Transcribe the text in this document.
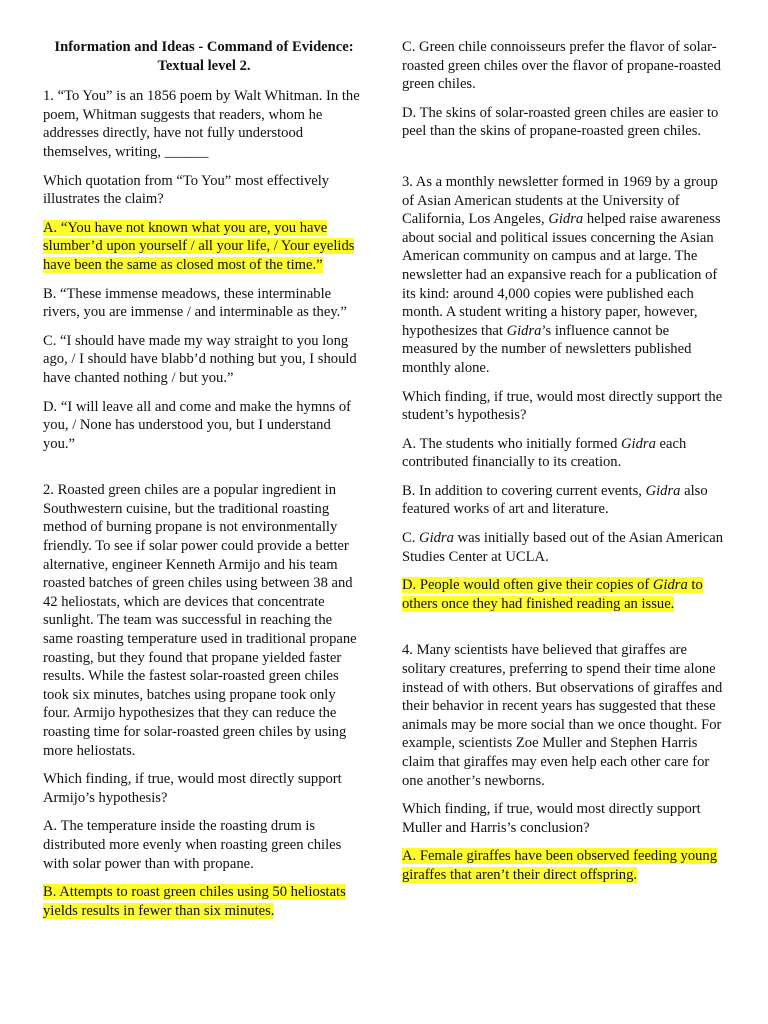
Information and Ideas - Command of Evidence: Textual level 2.

1. “To You” is an 1856 poem by Walt Whitman. In the poem, Whitman suggests that readers, whom he addresses directly, have not fully understood themselves, writing, ______

Which quotation from “To You” most effectively illustrates the claim?

A. “You have not known what you are, you have slumber’d upon yourself / all your life, / Your eyelids have been the same as closed most of the time.”

B. “These immense meadows, these interminable rivers, you are immense / and interminable as they.”

C. “I should have made my way straight to you long ago, / I should have blabb’d nothing but you, I should have chanted nothing / but you.”

D. “I will leave all and come and make the hymns of you, / None has understood you, but I understand you.”

2. Roasted green chiles are a popular ingredient in Southwestern cuisine, but the traditional roasting method of burning propane is not environmentally friendly. To see if solar power could provide a better alternative, engineer Kenneth Armijo and his team roasted batches of green chiles using between 38 and 42 heliostats, which are devices that concentrate sunlight. The team was successful in reaching the same roasting temperature used in traditional propane roasting, but they found that propane yielded faster results. While the fastest solar-roasted green chiles took six minutes, batches using propane took only four. Armijo hypothesizes that they can reduce the roasting time for solar-roasted green chiles by using more heliostats.

Which finding, if true, would most directly support Armijo’s hypothesis?

A. The temperature inside the roasting drum is distributed more evenly when roasting green chiles with solar power than with propane.

B. Attempts to roast green chiles using 50 heliostats yields results in fewer than six minutes.

C. Green chile connoisseurs prefer the flavor of solar-roasted green chiles over the flavor of propane-roasted green chiles.

D. The skins of solar-roasted green chiles are easier to peel than the skins of propane-roasted green chiles.

3. As a monthly newsletter formed in 1969 by a group of Asian American students at the University of California, Los Angeles, Gidra helped raise awareness about social and political issues concerning the Asian American community on campus and at large. The newsletter had an expansive reach for a publication of its kind: around 4,000 copies were published each month. A student writing a history paper, however, hypothesizes that Gidra’s influence cannot be measured by the number of newsletters published monthly alone.

Which finding, if true, would most directly support the student’s hypothesis?

A. The students who initially formed Gidra each contributed financially to its creation.

B. In addition to covering current events, Gidra also featured works of art and literature.

C. Gidra was initially based out of the Asian American Studies Center at UCLA.

D. People would often give their copies of Gidra to others once they had finished reading an issue.

4. Many scientists have believed that giraffes are solitary creatures, preferring to spend their time alone instead of with others. But observations of giraffes and their behavior in recent years has suggested that these animals may be more social than we once thought. For example, scientists Zoe Muller and Stephen Harris claim that giraffes may even help each other care for one another’s newborns.

Which finding, if true, would most directly support Muller and Harris’s conclusion?

A. Female giraffes have been observed feeding young giraffes that aren’t their direct offspring.
